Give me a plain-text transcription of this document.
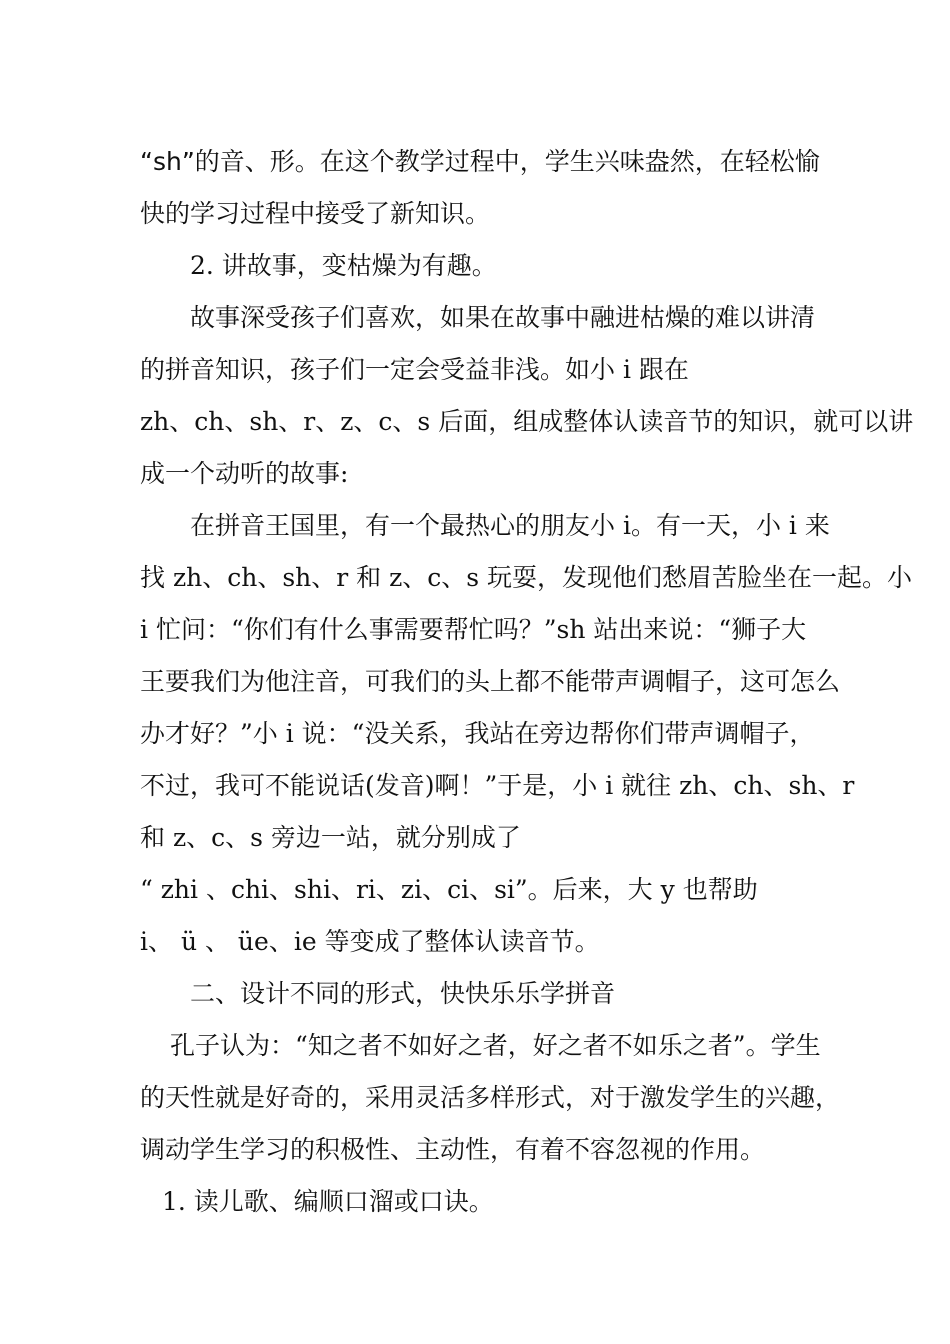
“sh”的音、形。在这个教学过程中，学生兴味盎然，在轻松愉
快的学习过程中接受了新知识。
2. 讲故事，变枯燥为有趣。
故事深受孩子们喜欢，如果在故事中融进枯燥的难以讲清
的拼音知识，孩子们一定会受益非浅。如小 i 跟在
zh、ch、sh、r、z、c、s 后面，组成整体认读音节的知识，就可以讲
成一个动听的故事:
在拼音王国里，有一个最热心的朋友小 i。有一天，小 i 来
找 zh、ch、sh、r 和 z、c、s 玩耍，发现他们愁眉苦脸坐在一起。小
i 忙问：“你们有什么事需要帮忙吗？”sh 站出来说：“狮子大
王要我们为他注音，可我们的头上都不能带声调帽子，这可怎么
办才好？”小 i 说：“没关系，我站在旁边帮你们带声调帽子，
不过，我可不能说话(发音)啊！”于是，小 i 就往 zh、ch、sh、r
和 z、c、s 旁边一站，就分别成了
“ zhi 、chi、shi、ri、zi、ci、si”。后来，大 y 也帮助
i、 ü 、 üe、ie 等变成了整体认读音节。
二、设计不同的形式，快快乐乐学拼音
孔子认为：“知之者不如好之者，好之者不如乐之者”。学生
的天性就是好奇的，采用灵活多样形式，对于激发学生的兴趣，
调动学生学习的积极性、主动性，有着不容忽视的作用。
1. 读儿歌、编顺口溜或口诀。
